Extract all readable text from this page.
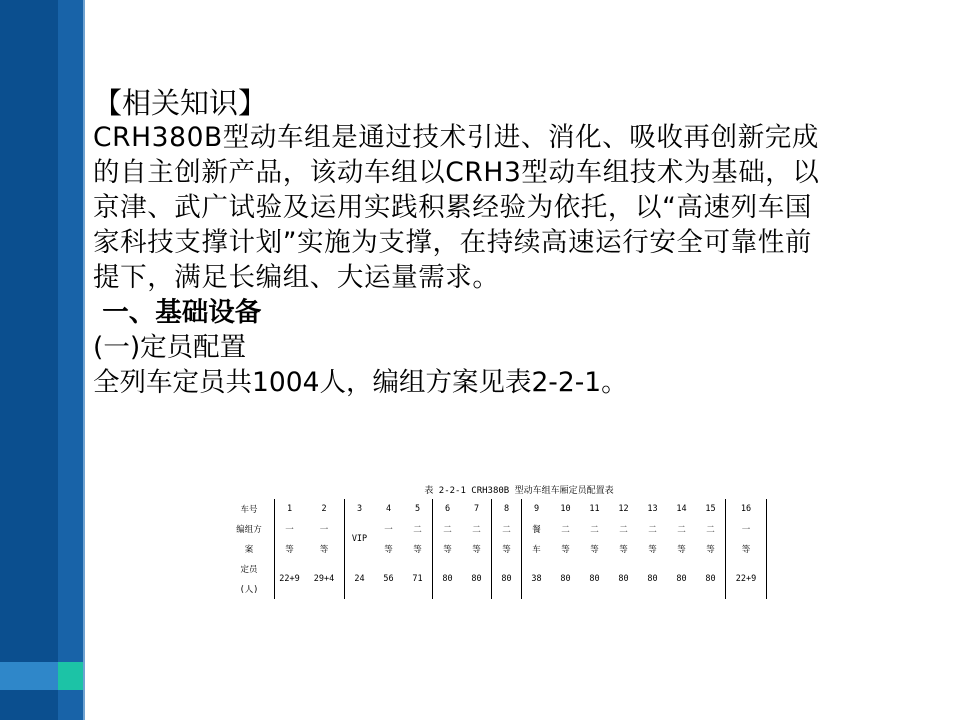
【相关知识】

CRH380B型动车组是通过技术引进、消化、吸收再创新完成

的自主创新产品，该动车组以CRH3型动车组技术为基础，以

京津、武广试验及运用实践积累经验为依托，以“高速列车国

家科技支撑计划”实施为支撑，在持续高速运行安全可靠性前

提下，满足长编组、大运量需求。

一、基础设备

(一)定员配置

全列车定员共1004人，编组方案见表2-2-1。

表 2-2-1 CRH380B 型动车组车厢定员配置表
车号	1	2	3	4	5	6	7	8	9	10	11	12	13	14	15	16
编组方	一	一	VIP	一	二	二	二	二	餐	二	二	二	二	二	二	一
案	等	等		等	等	等	等	等	车	等	等	等	等	等	等	等
定员	22+9	29+4	24	56	71	80	80	80	38	80	80	80	80	80	80	22+9
(人)																
